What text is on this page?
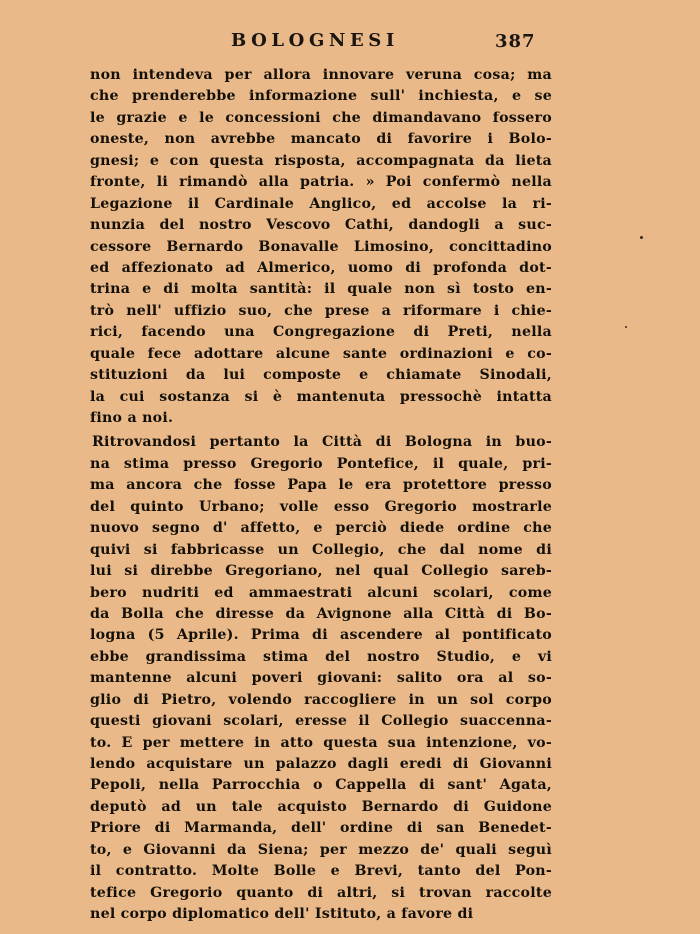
BOLOGNESI	387
non intendeva per allora innovare veruna cosa; ma
che prenderebbe informazione sull' inchiesta, e se
le grazie e le concessioni che dimandavano fossero
oneste, non avrebbe mancato di favorire i Bolo-
gnesi; e con questa risposta, accompagnata da lieta
fronte, li rimandò alla patria. » Poi confermò nella
Legazione il Cardinale Anglico, ed accolse la ri-
nunzia del nostro Vescovo Cathi, dandogli a suc-
cessore Bernardo Bonavalle Limosino, concittadino
ed affezionato ad Almerico, uomo di profonda dot-
trina e di molta santità: il quale non sì tosto en-
trò nell' uffizio suo, che prese a riformare i chie-
rici, facendo una Congregazione di Preti, nella
quale fece adottare alcune sante ordinazioni e co-
stituzioni da lui composte e chiamate Sinodali,
la cui sostanza si è mantenuta pressochè intatta
fino a noi.
Ritrovandosi pertanto la Città di Bologna in buo-
na stima presso Gregorio Pontefice, il quale, pri-
ma ancora che fosse Papa le era protettore presso
del quinto Urbano; volle esso Gregorio mostrarle
nuovo segno d' affetto, e perciò diede ordine che
quivi si fabbricasse un Collegio, che dal nome di
lui si direbbe Gregoriano, nel qual Collegio sareb-
bero nudriti ed ammaestrati alcuni scolari, come
da Bolla che diresse da Avignone alla Città di Bo-
logna (5 Aprile). Prima di ascendere al pontificato
ebbe grandissima stima del nostro Studio, e vi
mantenne alcuni poveri giovani: salito ora al so-
glio di Pietro, volendo raccogliere in un sol corpo
questi giovani scolari, eresse il Collegio suaccenna-
to. E per mettere in atto questa sua intenzione, vo-
lendo acquistare un palazzo dagli eredi di Giovanni
Pepoli, nella Parrocchia o Cappella di sant' Agata,
deputò ad un tale acquisto Bernardo di Guidone
Priore di Marmanda, dell' ordine di san Benedet-
to, e Giovanni da Siena; per mezzo de' quali seguì
il contratto. Molte Bolle e Brevi, tanto del Pon-
tefice Gregorio quanto di altri, si trovan raccolte
nel corpo diplomatico dell' Istituto, a favore di
